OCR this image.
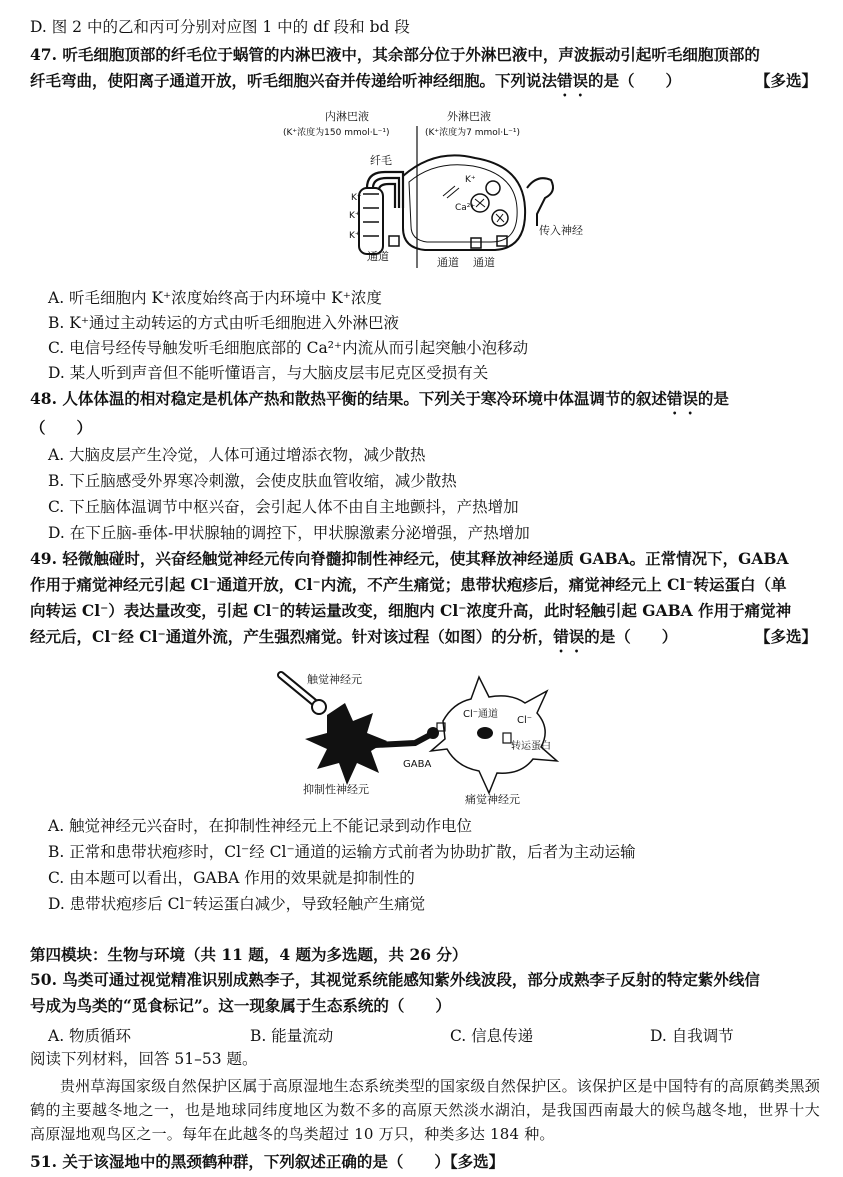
D. 图 2 中的乙和丙可分别对应图 1 中的 df 段和 bd 段
47. 听毛细胞顶部的纤毛位于蜗管的内淋巴液中，其余部分位于外淋巴液中，声波振动引起听毛细胞顶部的
纤毛弯曲，使阳离子通道开放，听毛细胞兴奋并传递给听神经细胞。下列说法错误的是（　　）	【多选】
内淋巴液
(K⁺浓度为150 mmol·L⁻¹)
外淋巴液
(K⁺浓度为7 mmol·L⁻¹)
纤毛
K⁺
K⁺
K⁺
K⁺
Ca²⁺
传入神经
通道	通道 通道
A. 听毛细胞内 K⁺浓度始终高于内环境中 K⁺浓度
B. K⁺通过主动转运的方式由听毛细胞进入外淋巴液
C. 电信号经传导触发听毛细胞底部的 Ca²⁺内流从而引起突触小泡移动
D. 某人听到声音但不能听懂语言，与大脑皮层韦尼克区受损有关
48. 人体体温的相对稳定是机体产热和散热平衡的结果。下列关于寒冷环境中体温调节的叙述错误的是
（　　）
A. 大脑皮层产生冷觉，人体可通过增添衣物，减少散热
B. 下丘脑感受外界寒冷刺激，会使皮肤血管收缩，减少散热
C. 下丘脑体温调节中枢兴奋，会引起人体不由自主地颤抖，产热增加
D. 在下丘脑-垂体-甲状腺轴的调控下，甲状腺激素分泌增强，产热增加
49. 轻微触碰时，兴奋经触觉神经元传向脊髓抑制性神经元，使其释放神经递质 GABA。正常情况下，GABA
作用于痛觉神经元引起 Cl⁻通道开放，Cl⁻内流，不产生痛觉；患带状疱疹后，痛觉神经元上 Cl⁻转运蛋白（单
向转运 Cl⁻）表达量改变，引起 Cl⁻的转运量改变，细胞内 Cl⁻浓度升高，此时轻触引起 GABA 作用于痛觉神
经元后，Cl⁻经 Cl⁻通道外流，产生强烈痛觉。针对该过程（如图）的分析，错误的是（　　）	【多选】
触觉神经元
抑制性神经元
GABA
Cl⁻通道
Cl⁻
转运蛋白
痛觉神经元
A. 触觉神经元兴奋时，在抑制性神经元上不能记录到动作电位
B. 正常和患带状疱疹时，Cl⁻经 Cl⁻通道的运输方式前者为协助扩散，后者为主动运输
C. 由本题可以看出，GABA 作用的效果就是抑制性的
D. 患带状疱疹后 Cl⁻转运蛋白减少，导致轻触产生痛觉
第四模块：生物与环境（共 11 题，4 题为多选题，共 26 分）
50. 鸟类可通过视觉精准识别成熟李子，其视觉系统能感知紫外线波段，部分成熟李子反射的特定紫外线信
号成为鸟类的“觅食标记”。这一现象属于生态系统的（　　）
A. 物质循环	B. 能量流动	C. 信息传递	D. 自我调节
阅读下列材料，回答 51–53 题。
贵州草海国家级自然保护区属于高原湿地生态系统类型的国家级自然保护区。该保护区是中国特有的高原鹤类黑颈鹤的主要越冬地之一，也是地球同纬度地区为数不多的高原天然淡水湖泊，是我国西南最大的候鸟越冬地，世界十大高原湿地观鸟区之一。每年在此越冬的鸟类超过 10 万只，种类多达 184 种。
51. 关于该湿地中的黑颈鹤种群，下列叙述正确的是（　　）【多选】
